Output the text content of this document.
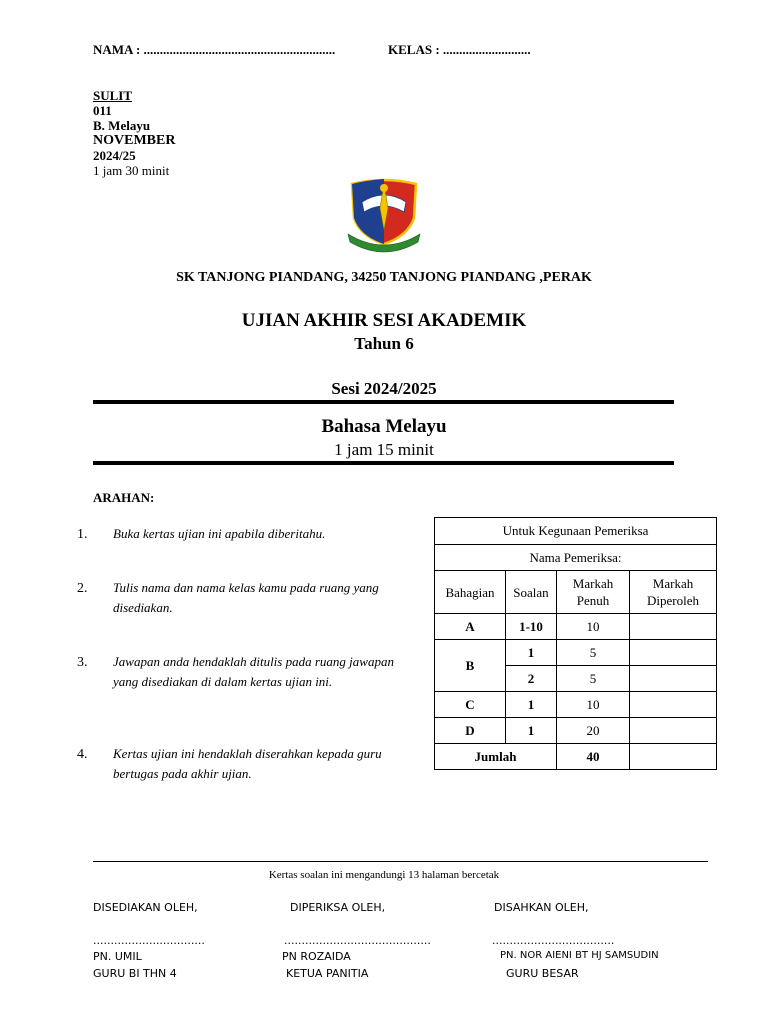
NAMA : ...........................................................	KELAS : ...........................
SULIT
011
B. Melayu
NOVEMBER
2024/25
1 jam 30 minit
SK TANJONG PIANDANG, 34250 TANJONG PIANDANG ,PERAK
UJIAN AKHIR SESI AKADEMIK
Tahun 6
Sesi 2024/2025
Bahasa Melayu
1 jam 15 minit
ARAHAN:
1. Buka kertas ujian ini apabila diberitahu.
2. Tulis nama dan nama kelas kamu pada ruang yang disediakan.
3. Jawapan anda hendaklah ditulis pada ruang jawapan yang disediakan di dalam kertas ujian ini.
4. Kertas ujian ini hendaklah diserahkan kepada guru bertugas pada akhir ujian.
Untuk Kegunaan Pemeriksa			
Nama Pemeriksa:			
Bahagian	Soalan	Markah Penuh	Markah Diperoleh
A	1-10	10	
B	1	5	
	2	5	
C	1	10	
D	1	20	
Jumlah		40	
Kertas soalan ini mengandungi 13 halaman bercetak
DISEDIAKAN OLEH,	DIPERIKSA OLEH,	DISAHKAN OLEH,
................................	..........................................	...................................
PN. UMIL	PN ROZAIDA	PN. NOR AIENI BT HJ SAMSUDIN
GURU BI THN 4	KETUA PANITIA	GURU BESAR
